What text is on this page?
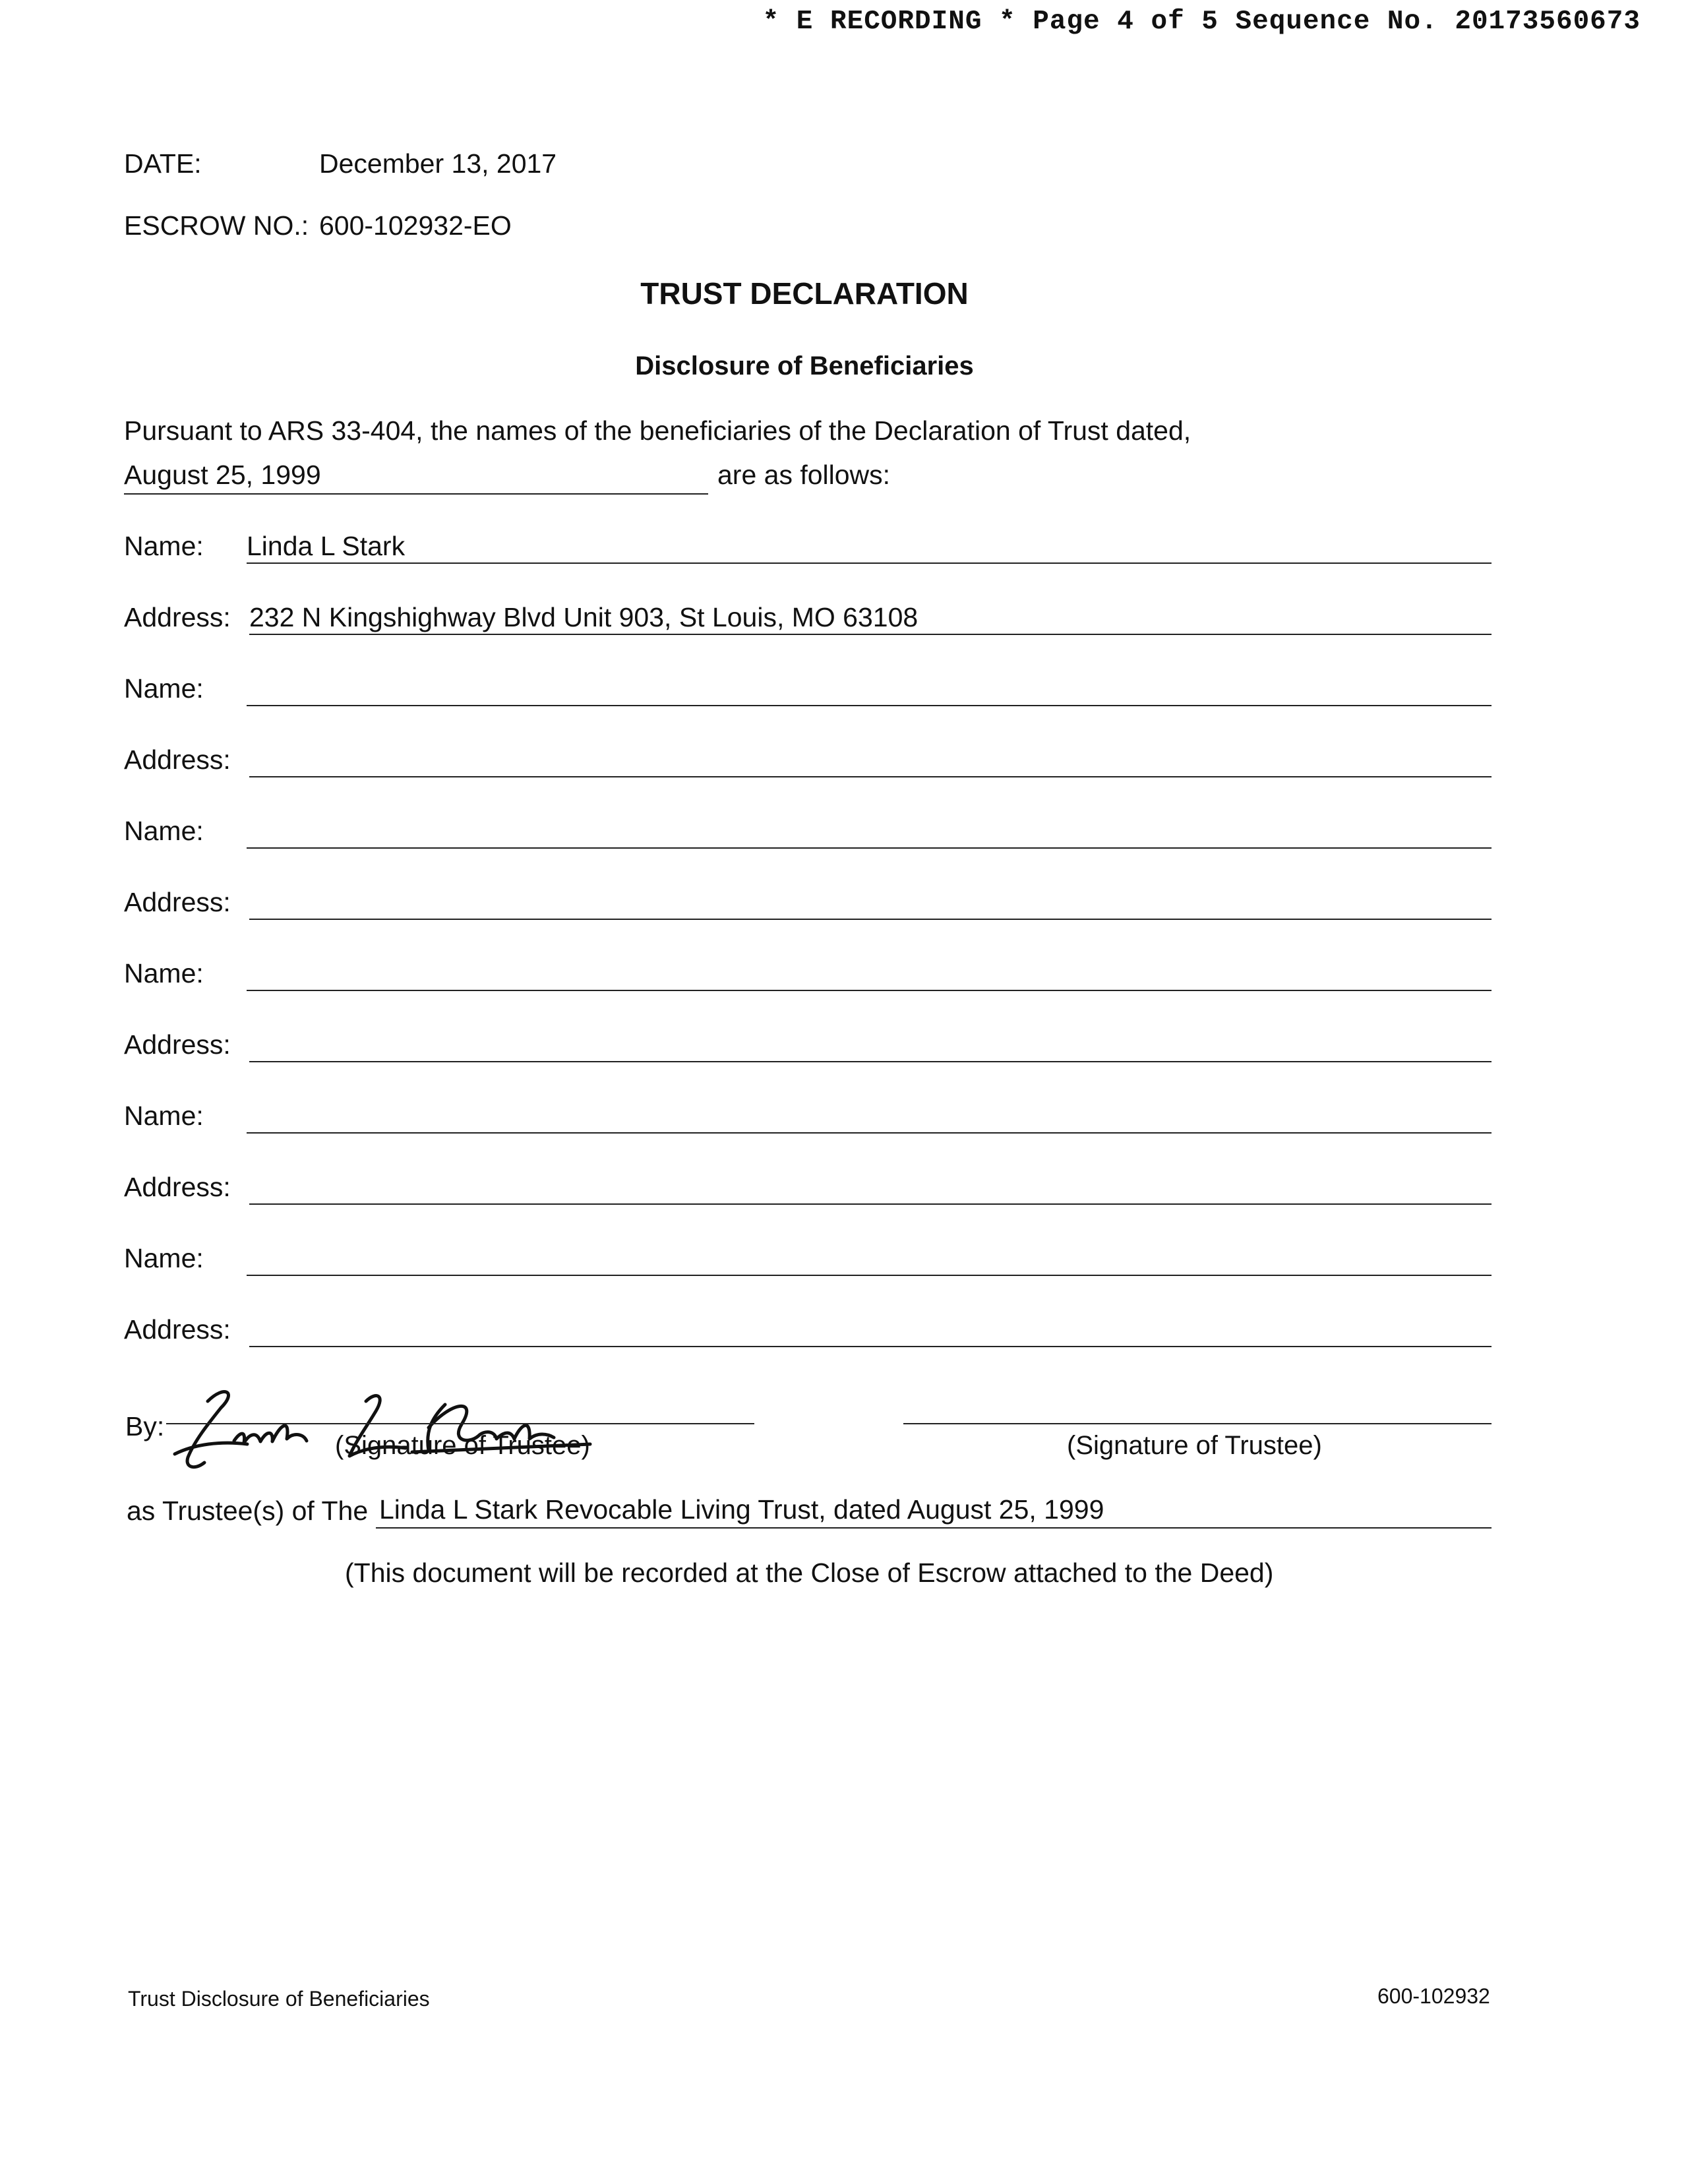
* E RECORDING * Page 4 of 5 Sequence No. 20173560673
DATE:	December 13, 2017
ESCROW NO.: 600-102932-EO
TRUST DECLARATION
Disclosure of Beneficiaries
Pursuant to ARS 33-404, the names of the beneficiaries of the Declaration of Trust dated,
August 25, 1999	are as follows:
Name: Linda L Stark
Address: 232 N Kingshighway Blvd Unit 903, St Louis, MO 63108
Name:
Address:
Name:
Address:
Name:
Address:
Name:
Address:
Name:
Address:
By:
(Signature of Trustee)	(Signature of Trustee)
as Trustee(s) of The Linda L Stark Revocable Living Trust, dated August 25, 1999
(This document will be recorded at the Close of Escrow attached to the Deed)
Trust Disclosure of Beneficiaries	600-102932
